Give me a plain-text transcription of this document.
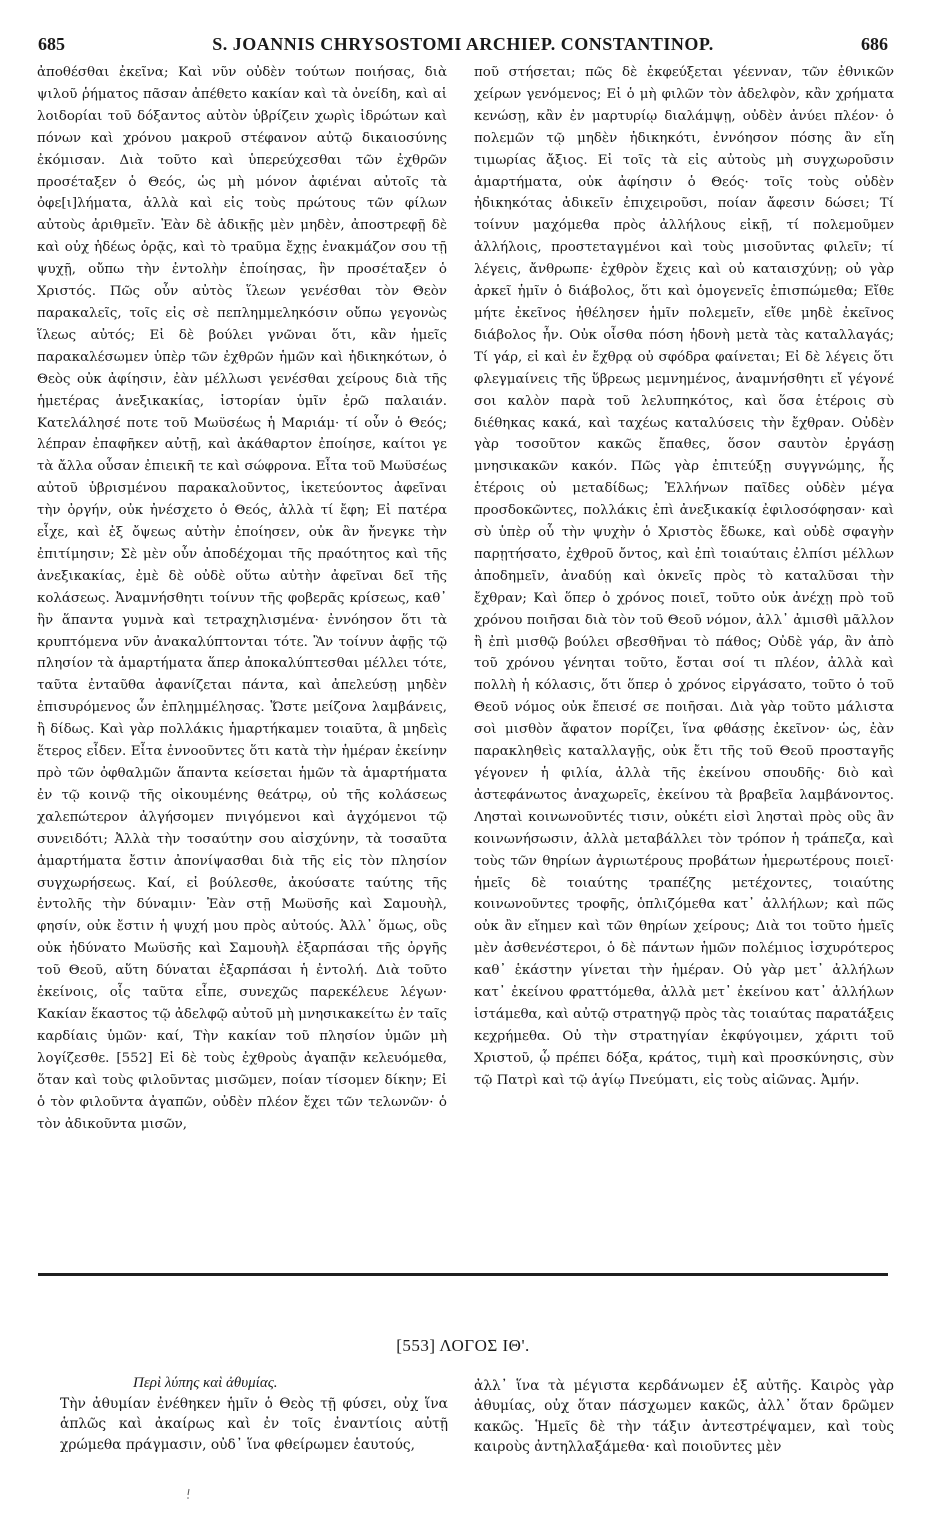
685	S. JOANNIS CHRYSOSTOMI ARCHIEP. CONSTANTINOP.	686

ἀποθέσθαι ἐκεῖνα; Καὶ νῦν οὐδὲν τούτων ποιήσας, διὰ ψιλοῦ ῥήματος πᾶσαν ἀπέθετο κακίαν καὶ τὰ ὀνείδη, καὶ αἱ λοιδορίαι τοῦ δόξαντος αὐτὸν ὑβρίζειν χωρὶς ἱδρώτων καὶ πόνων καὶ χρόνου μακροῦ στέφανον αὐτῷ δικαιοσύνης ἐκόμισαν. Διὰ τοῦτο καὶ ὑπερεύχεσθαι τῶν ἐχθρῶν προσέταξεν ὁ Θεός, ὡς μὴ μόνον ἀφιέναι αὐτοῖς τὰ ὀφε[ι]λήματα, ἀλλὰ καὶ εἰς τοὺς πρώτους τῶν φίλων αὐτοὺς ἀριθμεῖν. Ἐὰν δὲ ἀδικῇς μὲν μηδὲν, ἀποστρεφῇ δὲ καὶ οὐχ ἡδέως ὁρᾷς, καὶ τὸ τραῦμα ἔχῃς ἐνακμάζον σου τῇ ψυχῇ, οὔπω τὴν ἐντολὴν ἐποίησας, ἣν προσέταξεν ὁ Χριστός. Πῶς οὖν αὐτὸς ἵλεων γενέσθαι τὸν Θεὸν παρακαλεῖς, τοῖς εἰς σὲ πεπλημμεληκόσιν οὔπω γεγονὼς ἵλεως αὐτός; Εἰ δὲ βούλει γνῶναι ὅτι, κἂν ἡμεῖς παρακαλέσωμεν ὑπὲρ τῶν ἐχθρῶν ἡμῶν καὶ ἠδικηκότων, ὁ Θεὸς οὐκ ἀφίησιν, ἐὰν μέλλωσι γενέσθαι χείρους διὰ τῆς ἡμετέρας ἀνεξικακίας, ἱστορίαν ὑμῖν ἐρῶ παλαιάν. Κατελάλησέ ποτε τοῦ Μωϋσέως ἡ Μαριάμ· τί οὖν ὁ Θεός; λέπραν ἐπαφῆκεν αὐτῇ, καὶ ἀκάθαρτον ἐποίησε, καίτοι γε τὰ ἄλλα οὖσαν ἐπιεικῆ τε καὶ σώφρονα. Εἶτα τοῦ Μωϋσέως αὐτοῦ ὑβρισμένου παρακαλοῦντος, ἱκετεύοντος ἀφεῖναι τὴν ὀργήν, οὐκ ἠνέσχετο ὁ Θεός, ἀλλὰ τί ἔφη; Εἰ πατέρα εἶχε, καὶ ἐξ ὄψεως αὐτὴν ἐποίησεν, οὐκ ἂν ἤνεγκε τὴν ἐπιτίμησιν; Σὲ μὲν οὖν ἀποδέχομαι τῆς πραότητος καὶ τῆς ἀνεξικακίας, ἐμὲ δὲ οὐδὲ οὕτω αὐτὴν ἀφεῖναι δεῖ τῆς κολάσεως. Ἀναμνήσθητι τοίνυν τῆς φοβερᾶς κρίσεως, καθ᾽ ἣν ἅπαντα γυμνὰ καὶ τετραχηλισμένα· ἐννόησον ὅτι τὰ κρυπτόμενα νῦν ἀνακαλύπτονται τότε. Ἂν τοίνυν ἀφῇς τῷ πλησίον τὰ ἁμαρτήματα ἅπερ ἀποκαλύπτεσθαι μέλλει τότε, ταῦτα ἐνταῦθα ἀφανίζεται πάντα, καὶ ἀπελεύσῃ μηδὲν ἐπισυρόμενος ὧν ἐπλημμέλησας. Ὥστε μείζονα λαμβάνεις, ἢ δίδως. Καὶ γὰρ πολλάκις ἡμαρτήκαμεν τοιαῦτα, ἃ μηδεὶς ἕτερος εἶδεν. Εἶτα ἐννοοῦντες ὅτι κατὰ τὴν ἡμέραν ἐκείνην πρὸ τῶν ὀφθαλμῶν ἅπαντα κείσεται ἡμῶν τὰ ἁμαρτήματα ἐν τῷ κοινῷ τῆς οἰκουμένης θεάτρῳ, οὐ τῆς κολάσεως χαλεπώτερον ἀλγήσομεν πνιγόμενοι καὶ ἀγχόμενοι τῷ συνειδότι; Ἀλλὰ τὴν τοσαύτην σου αἰσχύνην, τὰ τοσαῦτα ἁμαρτήματα ἔστιν ἀπονίψασθαι διὰ τῆς εἰς τὸν πλησίον συγχωρήσεως. Καί, εἰ βούλεσθε, ἀκούσατε ταύτης τῆς ἐντολῆς τὴν δύναμιν· Ἐὰν στῇ Μωϋσῆς καὶ Σαμουὴλ, φησίν, οὐκ ἔστιν ἡ ψυχή μου πρὸς αὐτούς. Ἀλλ᾽ ὅμως, οὓς οὐκ ἠδύνατο Μωϋσῆς καὶ Σαμουὴλ ἐξαρπάσαι τῆς ὀργῆς τοῦ Θεοῦ, αὕτη δύναται ἐξαρπάσαι ἡ ἐντολή. Διὰ τοῦτο ἐκείνοις, οἷς ταῦτα εἶπε, συνεχῶς παρεκέλευε λέγων· Κακίαν ἕκαστος τῷ ἀδελφῷ αὐτοῦ μὴ μνησικακείτω ἐν ταῖς καρδίαις ὑμῶν· καί, Τὴν κακίαν τοῦ πλησίον ὑμῶν μὴ λογίζεσθε. [552] Εἰ δὲ τοὺς ἐχθροὺς ἀγαπᾷν κελευόμεθα, ὅταν καὶ τοὺς φιλοῦντας μισῶμεν, ποίαν τίσομεν δίκην; Εἰ ὁ τὸν φιλοῦντα ἀγαπῶν, οὐδὲν πλέον ἔχει τῶν τελωνῶν· ὁ τὸν ἀδικοῦντα μισῶν,

ποῦ στήσεται; πῶς δὲ ἐκφεύξεται γέενναν, τῶν ἐθνικῶν χείρων γενόμενος; Εἰ ὁ μὴ φιλῶν τὸν ἀδελφὸν, κἂν χρήματα κενώσῃ, κἂν ἐν μαρτυρίῳ διαλάμψῃ, οὐδὲν ἀνύει πλέον· ὁ πολεμῶν τῷ μηδὲν ἠδικηκότι, ἐννόησον πόσης ἂν εἴη τιμωρίας ἄξιος. Εἰ τοῖς τὰ εἰς αὐτοὺς μὴ συγχωροῦσιν ἁμαρτήματα, οὐκ ἀφίησιν ὁ Θεός· τοῖς τοὺς οὐδὲν ἠδικηκότας ἀδικεῖν ἐπιχειροῦσι, ποίαν ἄφεσιν δώσει; Τί τοίνυν μαχόμεθα πρὸς ἀλλήλους εἰκῇ, τί πολεμοῦμεν ἀλλήλοις, προστεταγμένοι καὶ τοὺς μισοῦντας φιλεῖν; τί λέγεις, ἄνθρωπε· ἐχθρὸν ἔχεις καὶ οὐ καταισχύνῃ; οὐ γὰρ ἀρκεῖ ἡμῖν ὁ διάβολος, ὅτι καὶ ὁμογενεῖς ἐπισπώμεθα; Εἴθε μήτε ἐκεῖνος ἠθέλησεν ἡμῖν πολεμεῖν, εἴθε μηδὲ ἐκεῖνος διάβολος ἦν. Οὐκ οἶσθα πόση ἡδονὴ μετὰ τὰς καταλλαγάς; Τί γάρ, εἰ καὶ ἐν ἔχθρᾳ οὐ σφόδρα φαίνεται; Εἰ δὲ λέγεις ὅτι φλεγμαίνεις τῆς ὕβρεως μεμνημένος, ἀναμνήσθητι εἴ γέγονέ σοι καλὸν παρὰ τοῦ λελυπηκότος, καὶ ὅσα ἑτέροις σὺ διέθηκας κακά, καὶ ταχέως καταλύσεις τὴν ἔχθραν. Οὐδὲν γὰρ τοσοῦτον κακῶς ἔπαθες, ὅσον σαυτὸν ἐργάσῃ μνησικακῶν κακόν. Πῶς γὰρ ἐπιτεύξῃ συγγνώμης, ἧς ἑτέροις οὐ μεταδίδως; Ἑλλήνων παῖδες οὐδὲν μέγα προσδοκῶντες, πολλάκις ἐπὶ ἀνεξικακίᾳ ἐφιλοσόφησαν· καὶ σὺ ὑπὲρ οὗ τὴν ψυχὴν ὁ Χριστὸς ἔδωκε, καὶ οὐδὲ σφαγὴν παρῃτήσατο, ἐχθροῦ ὄντος, καὶ ἐπὶ τοιαύταις ἐλπίσι μέλλων ἀποδημεῖν, ἀναδύῃ καὶ ὀκνεῖς πρὸς τὸ καταλῦσαι τὴν ἔχθραν; Καὶ ὅπερ ὁ χρόνος ποιεῖ, τοῦτο οὐκ ἀνέχῃ πρὸ τοῦ χρόνου ποιῆσαι διὰ τὸν τοῦ Θεοῦ νόμον, ἀλλ᾽ ἀμισθὶ μᾶλλον ἢ ἐπὶ μισθῷ βούλει σβεσθῆναι τὸ πάθος; Οὐδὲ γάρ, ἂν ἀπὸ τοῦ χρόνου γένηται τοῦτο, ἔσται σοί τι πλέον, ἀλλὰ καὶ πολλὴ ἡ κόλασις, ὅτι ὅπερ ὁ χρόνος εἰργάσατο, τοῦτο ὁ τοῦ Θεοῦ νόμος οὐκ ἔπεισέ σε ποιῆσαι. Διὰ γὰρ τοῦτο μάλιστα σοὶ μισθὸν ἄφατον πορίζει, ἵνα φθάσῃς ἐκεῖνον· ὡς, ἐὰν παρακληθεὶς καταλλαγῇς, οὐκ ἔτι τῆς τοῦ Θεοῦ προσταγῆς γέγονεν ἡ φιλία, ἀλλὰ τῆς ἐκείνου σπουδῆς· διὸ καὶ ἀστεφάνωτος ἀναχωρεῖς, ἐκείνου τὰ βραβεῖα λαμβάνοντος. Λησταὶ κοινωνοῦντές τισιν, οὐκέτι εἰσὶ λησταὶ πρὸς οὓς ἂν κοινωνήσωσιν, ἀλλὰ μεταβάλλει τὸν τρόπον ἡ τράπεζα, καὶ τοὺς τῶν θηρίων ἀγριωτέρους προβάτων ἡμερωτέρους ποιεῖ· ἡμεῖς δὲ τοιαύτης τραπέζης μετέχοντες, τοιαύτης κοινωνοῦντες τροφῆς, ὁπλιζόμεθα κατ᾽ ἀλλήλων; καὶ πῶς οὐκ ἂν εἴημεν καὶ τῶν θηρίων χείρους; Διὰ τοι τοῦτο ἡμεῖς μὲν ἀσθενέστεροι, ὁ δὲ πάντων ἡμῶν πολέμιος ἰσχυρότερος καθ᾽ ἑκάστην γίνεται τὴν ἡμέραν. Οὐ γὰρ μετ᾽ ἀλλήλων κατ᾽ ἐκείνου φραττόμεθα, ἀλλὰ μετ᾽ ἐκείνου κατ᾽ ἀλλήλων ἱστάμεθα, καὶ αὐτῷ στρατηγῷ πρὸς τὰς τοιαύτας παρατάξεις κεχρήμεθα. Οὐ τὴν στρατηγίαν ἐκφύγοιμεν, χάριτι τοῦ Χριστοῦ, ᾧ πρέπει δόξα, κράτος, τιμὴ καὶ προσκύνησις, σὺν τῷ Πατρὶ καὶ τῷ ἁγίῳ Πνεύματι, εἰς τοὺς αἰῶνας. Ἀμήν.

[553] ΛΟΓΟΣ ΙΘ'.
Περὶ λύπης καὶ ἀθυμίας.

Τὴν ἀθυμίαν ἐνέθηκεν ἡμῖν ὁ Θεὸς τῇ φύσει, οὐχ ἵνα ἁπλῶς καὶ ἀκαίρως καὶ ἐν τοῖς ἐναντίοις αὐτῇ χρώμεθα πράγμασιν, οὐδ᾽ ἵνα φθείρωμεν ἑαυτούς,

ἀλλ᾽ ἵνα τὰ μέγιστα κερδάνωμεν ἐξ αὐτῆς. Καιρὸς γὰρ ἀθυμίας, οὐχ ὅταν πάσχωμεν κακῶς, ἀλλ᾽ ὅταν δρῶμεν κακῶς. Ἡμεῖς δὲ τὴν τάξιν ἀντεστρέψαμεν, καὶ τοὺς καιροὺς ἀντηλλαξάμεθα· καὶ ποιοῦντες μὲν
